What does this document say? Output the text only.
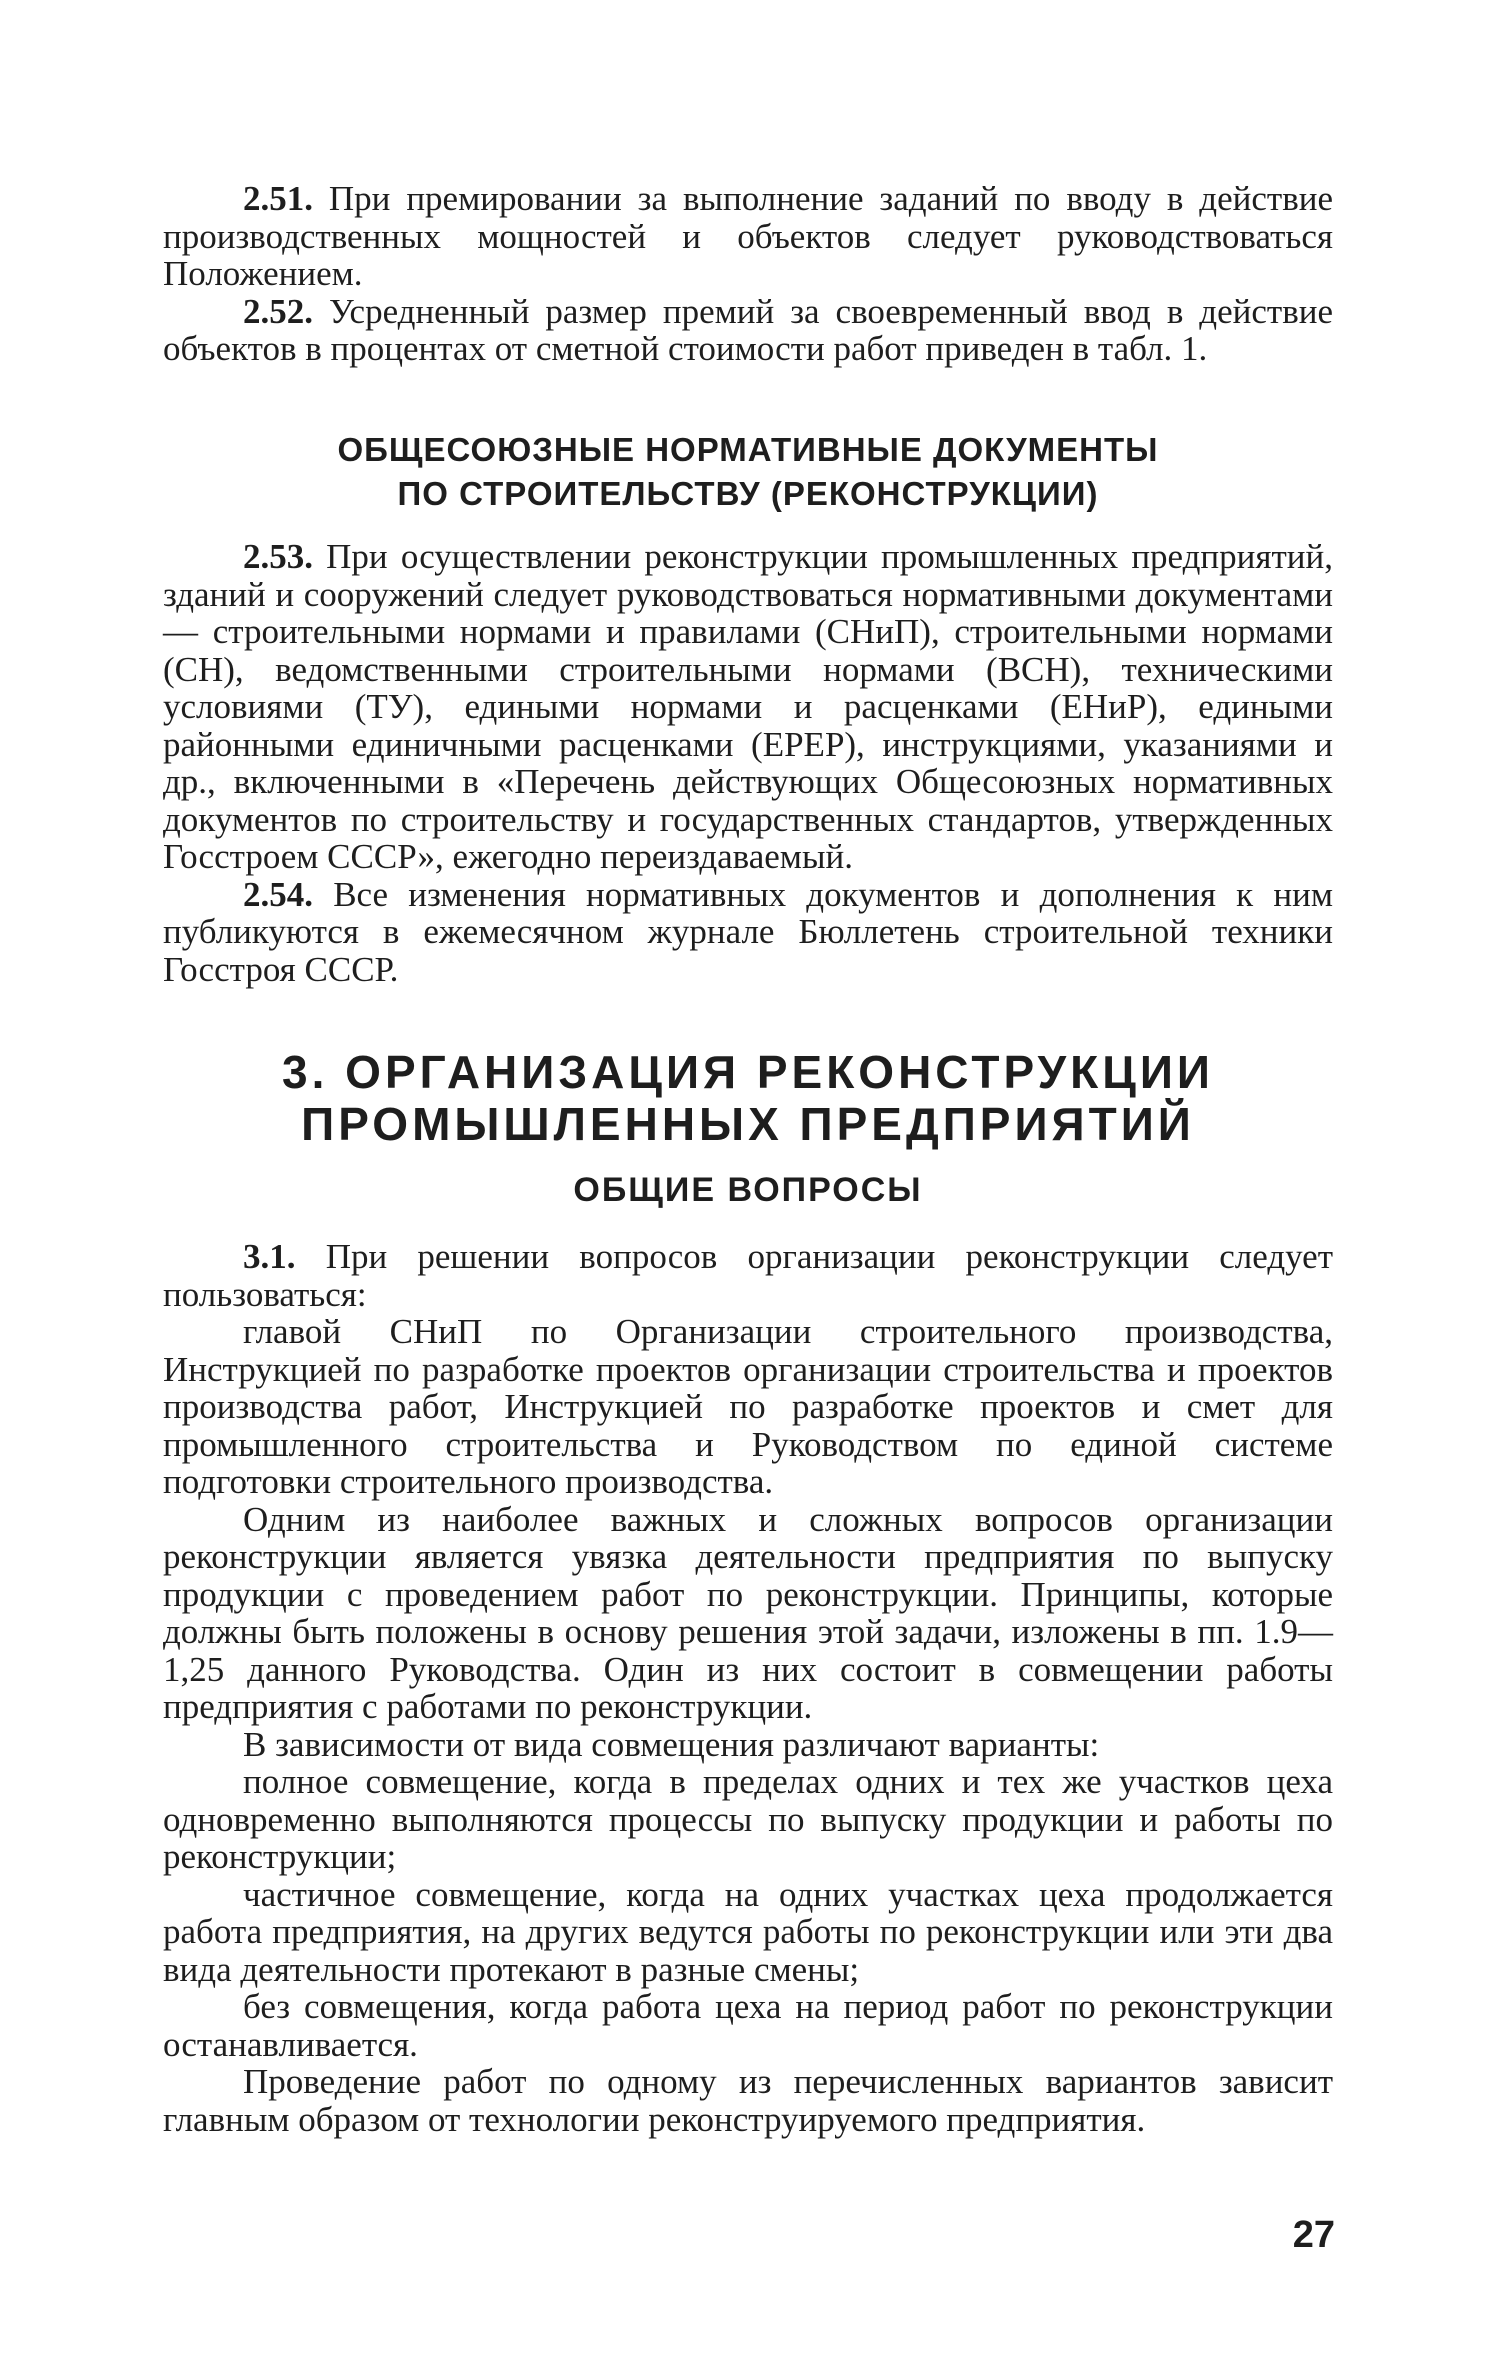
2.51. При премировании за выполнение заданий по вводу в действие производственных мощностей и объектов следует руководствоваться Положением.

2.52. Усредненный размер премий за своевременный ввод в действие объектов в процентах от сметной стоимости работ приведен в табл. 1.

ОБЩЕСОЮЗНЫЕ НОРМАТИВНЫЕ ДОКУМЕНТЫ

ПО СТРОИТЕЛЬСТВУ (РЕКОНСТРУКЦИИ)

2.53. При осуществлении реконструкции промышленных предприятий, зданий и сооружений следует руководствоваться нормативными документами — строительными нормами и правилами (СНиП), строительными нормами (СН), ведомственными строительными нормами (ВСН), техническими условиями (ТУ), едиными нормами и расценками (ЕНиР), едиными районными единичными расценками (ЕРЕР), инструкциями, указаниями и др., включенными в «Перечень действующих Общесоюзных нормативных документов по строительству и государственных стандартов, утвержденных Госстроем СССР», ежегодно переиздаваемый.

2.54. Все изменения нормативных документов и дополнения к ним публикуются в ежемесячном журнале Бюллетень строительной техники Госстроя СССР.

3. ОРГАНИЗАЦИЯ РЕКОНСТРУКЦИИ

ПРОМЫШЛЕННЫХ ПРЕДПРИЯТИЙ

ОБЩИЕ ВОПРОСЫ

3.1. При решении вопросов организации реконструкции следует пользоваться:

главой СНиП по Организации строительного производства, Инструкцией по разработке проектов организации строительства и проектов производства работ, Инструкцией по разработке проектов и смет для промышленного строительства и Руководством по единой системе подготовки строительного производства.

Одним из наиболее важных и сложных вопросов организации реконструкции является увязка деятельности предприятия по выпуску продукции с проведением работ по реконструкции. Принципы, которые должны быть положены в основу решения этой задачи, изложены в пп. 1.9—1,25 данного Руководства. Один из них состоит в совмещении работы предприятия с работами по реконструкции.

В зависимости от вида совмещения различают варианты:

полное совмещение, когда в пределах одних и тех же участков цеха одновременно выполняются процессы по выпуску продукции и работы по реконструкции;

частичное совмещение, когда на одних участках цеха продолжается работа предприятия, на других ведутся работы по реконструкции или эти два вида деятельности протекают в разные смены;

без совмещения, когда работа цеха на период работ по реконструкции останавливается.

Проведение работ по одному из перечисленных вариантов зависит главным образом от технологии реконструируемого предприятия.

27
